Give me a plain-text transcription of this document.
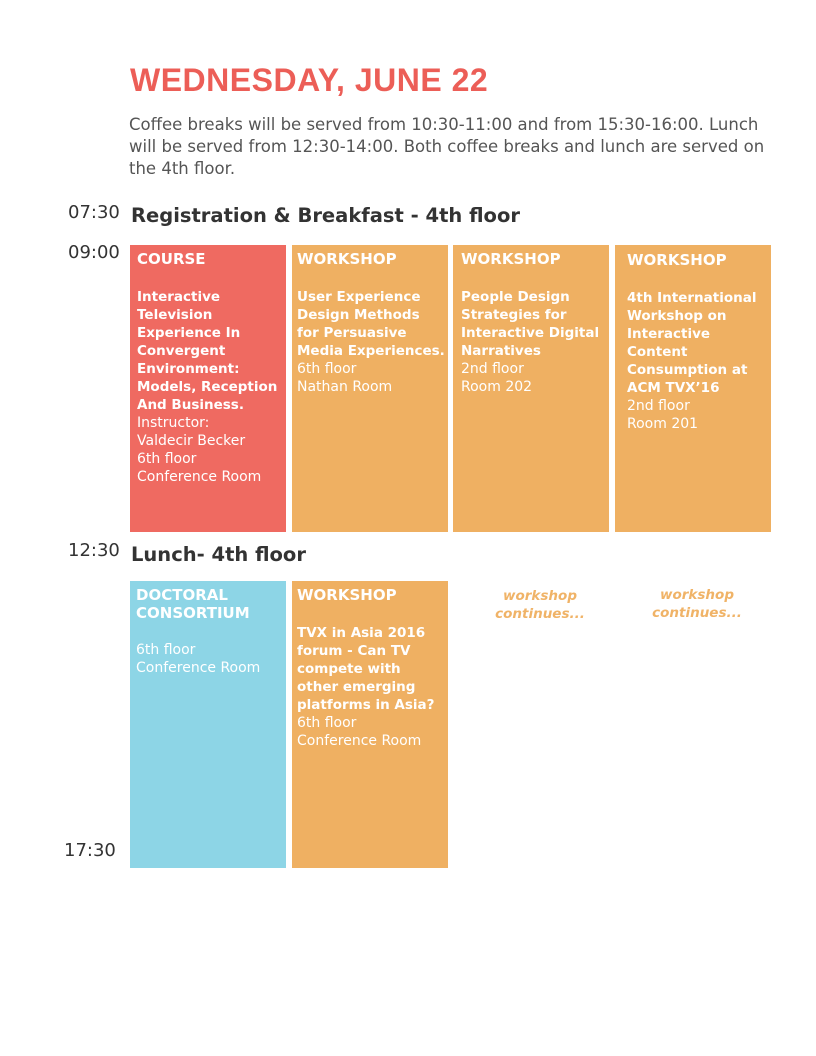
WEDNESDAY, JUNE 22
Coffee breaks will be served from 10:30-11:00 and from 15:30-16:00. Lunch will be served from 12:30-14:00. Both coffee breaks and lunch are served on the 4th floor.
07:30 Registration & Breakfast - 4th floor
09:00 COURSE
Interactive Television Experience In Convergent Environment: Models, Reception And Business.
Instructor:
Valdecir Becker
6th floor
Conference Room
WORKSHOP
User Experience Design Methods for Persuasive Media Experiences.
6th floor
Nathan Room
WORKSHOP
People Design Strategies for Interactive Digital Narratives
2nd floor
Room 202
WORKSHOP
4th International Workshop on Interactive Content Consumption at ACM TVX’16
2nd floor
Room 201
12:30 Lunch- 4th floor
DOCTORAL CONSORTIUM
6th floor
Conference Room
WORKSHOP
TVX in Asia 2016 forum - Can TV compete with other emerging platforms in Asia?
6th floor
Conference Room
workshop continues...
workshop continues...
17:30
